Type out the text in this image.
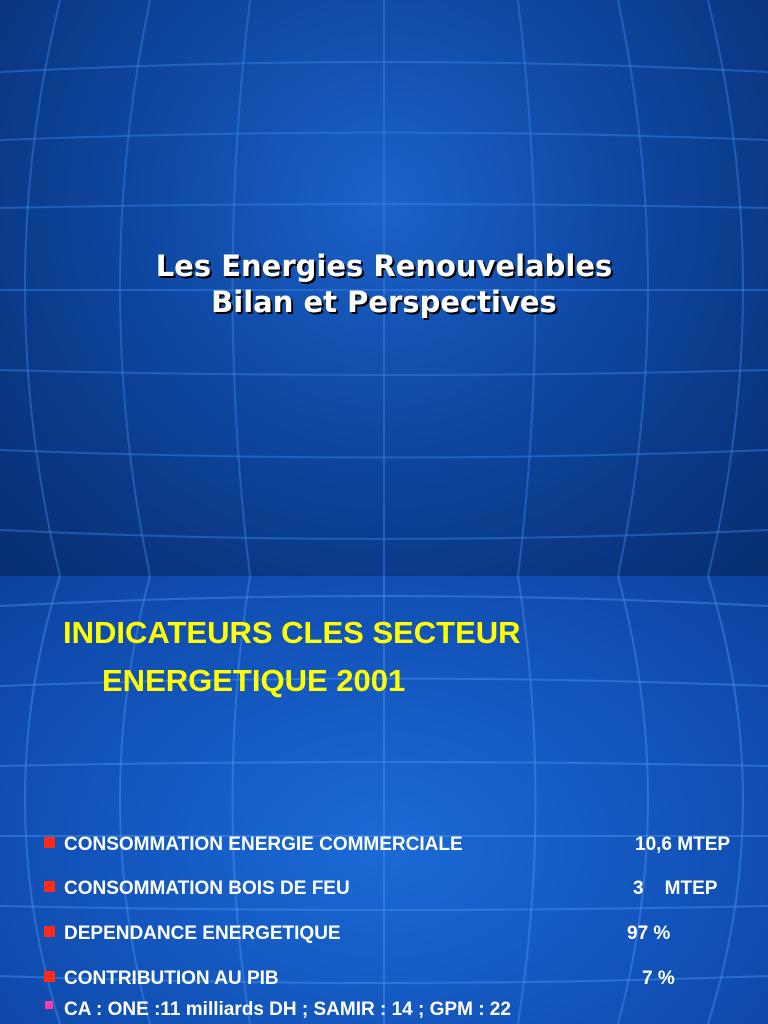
Les Energies Renouvelables
Bilan et Perspectives
INDICATEURS CLES SECTEUR
ENERGETIQUE 2001
CONSOMMATION ENERGIE COMMERCIALE	10,6 MTEP
CONSOMMATION BOIS DE FEU	3    MTEP
DEPENDANCE ENERGETIQUE	97 %
CONTRIBUTION AU PIB	7 %
CA : ONE :11 milliards DH ; SAMIR : 14 ; GPM : 22
